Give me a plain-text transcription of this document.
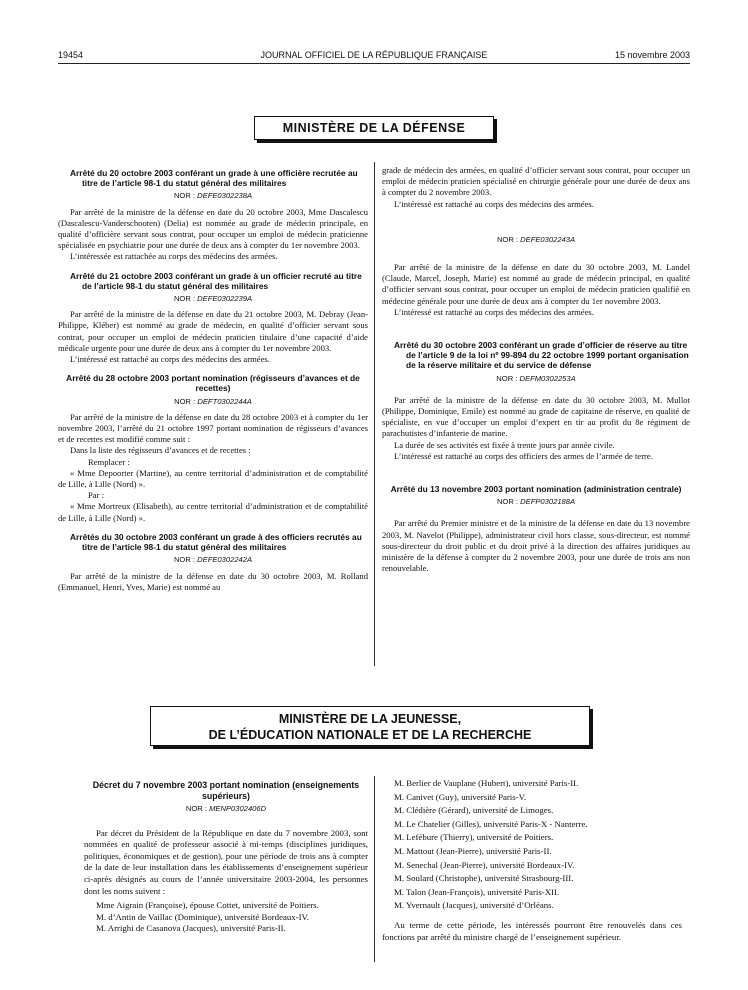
19454	JOURNAL OFFICIEL DE LA RÉPUBLIQUE FRANÇAISE	15 novembre 2003
MINISTÈRE DE LA DÉFENSE
Arrêté du 20 octobre 2003 conférant un grade à une officière recrutée au titre de l’article 98-1 du statut général des militaires
NOR : DEFE0302238A

Par arrêté de la ministre de la défense en date du 20 octobre 2003, Mme Dascalescu (Dascalescu-Vanderschooten) (Delia) est nommée au grade de médecin principale, en qualité d’officière servant sous contrat, pour occuper un emploi de médecin praticienne spécialisée en psychiatrie pour une durée de deux ans à compter du 1er novembre 2003.

L’intéressée est rattachée au corps des médecins des armées.

Arrêté du 21 octobre 2003 conférant un grade à un officier recruté au titre de l’article 98-1 du statut général des militaires
NOR : DEFE0302239A

Par arrêté de la ministre de la défense en date du 21 octobre 2003, M. Debray (Jean-Philippe, Kléber) est nommé au grade de médecin, en qualité d’officier servant sous contrat, pour occuper un emploi de médecin praticien titulaire d’une capacité d’aide médicale urgente pour une durée de deux ans à compter du 1er novembre 2003.

L’intéressé est rattaché au corps des médecins des armées.

Arrêté du 28 octobre 2003 portant nomination (régisseurs d’avances et de recettes)
NOR : DEFT0302244A

Par arrêté de la ministre de la défense en date du 28 octobre 2003 et à compter du 1er novembre 2003, l’arrêté du 21 octobre 1997 portant nomination de régisseurs d’avances et de recettes est modifié comme suit :

Dans la liste des régisseurs d’avances et de recettes :

Remplacer :

« Mme Depoorter (Martine), au centre territorial d’administration et de comptabilité de Lille, à Lille (Nord) ».

Par :

« Mme Mortreux (Elisabeth), au centre territorial d’administration et de comptabilité de Lille, à Lille (Nord) ».

Arrêtés du 30 octobre 2003 conférant un grade à des officiers recrutés au titre de l’article 98-1 du statut général des militaires
NOR : DEFE0302242A

Par arrêté de la ministre de la défense en date du 30 octobre 2003, M. Rolland (Emmanuel, Henri, Yves, Marie) est nommé au

grade de médecin des armées, en qualité d’officier servant sous contrat, pour occuper un emploi de médecin praticien spécialisé en chirurgie générale pour une durée de deux ans à compter du 2 novembre 2003.

L’intéressé est rattaché au corps des médecins des armées.

NOR : DEFE0302243A

Par arrêté de la ministre de la défense en date du 30 octobre 2003, M. Landel (Claude, Marcel, Joseph, Marie) est nommé au grade de médecin principal, en qualité d’officier servant sous contrat, pour occuper un emploi de médecin praticien qualifié en médecine générale pour une durée de deux ans à compter du 1er novembre 2003.

L’intéressé est rattaché au corps des médecins des armées.

Arrêté du 30 octobre 2003 conférant un grade d’officier de réserve au titre de l’article 9 de la loi nº 99-894 du 22 octobre 1999 portant organisation de la réserve militaire et du service de défense
NOR : DEFM0302253A

Par arrêté de la ministre de la défense en date du 30 octobre 2003, M. Mullot (Philippe, Dominique, Emile) est nommé au grade de capitaine de réserve, en qualité de spécialiste, en vue d’occuper un emploi d’expert en tir au profit du 8e régiment de parachutistes d’infanterie de marine.

La durée de ses activités est fixée à trente jours par année civile.

L’intéressé est rattaché au corps des officiers des armes de l’armée de terre.

Arrêté du 13 novembre 2003 portant nomination (administration centrale)
NOR : DEFP0302188A

Par arrêté du Premier ministre et de la ministre de la défense en date du 13 novembre 2003, M. Navelot (Philippe), administrateur civil hors classe, sous-directeur, est nommé sous-directeur du droit public et du droit privé à la direction des affaires juridiques au ministère de la défense à compter du 2 novembre 2003, pour une durée de trois ans non renouvelable.

MINISTÈRE DE LA JEUNESSE,
DE L’ÉDUCATION NATIONALE ET DE LA RECHERCHE
Décret du 7 novembre 2003 portant nomination (enseignements supérieurs)
NOR : MENP0302406D

Par décret du Président de la République en date du 7 novembre 2003, sont nommées en qualité de professeur associé à mi-temps (disciplines juridiques, politiques, économiques et de gestion), pour une période de trois ans à compter de la date de leur installation dans les établissements d’enseignement supérieur ci-après désignés au cours de l’année universitaire 2003-2004, les personnes dont les noms suivent :

Mme Aigrain (Françoise), épouse Cottet, université de Poitiers.

M. d’Antin de Vaillac (Dominique), université Bordeaux-IV.

M. Arrighi de Casanova (Jacques), université Paris-II.

M. Berlier de Vauplane (Hubert), université Paris-II.

M. Canivet (Guy), université Paris-V.

M. Clédière (Gérard), université de Limoges.

M. Le Chatelier (Gilles), université Paris-X - Nanterre.

M. Lefébure (Thierry), université de Poitiers.

M. Mattout (Jean-Pierre), université Paris-II.

M. Senechal (Jean-Pierre), université Bordeaux-IV.

M. Soulard (Christophe), université Strasbourg-III.

M. Talon (Jean-François), université Paris-XII.

M. Yvernault (Jacques), université d’Orléans.

Au terme de cette période, les intéressés pourront être renouvelés dans ces fonctions par arrêté du ministre chargé de l’enseignement supérieur.
